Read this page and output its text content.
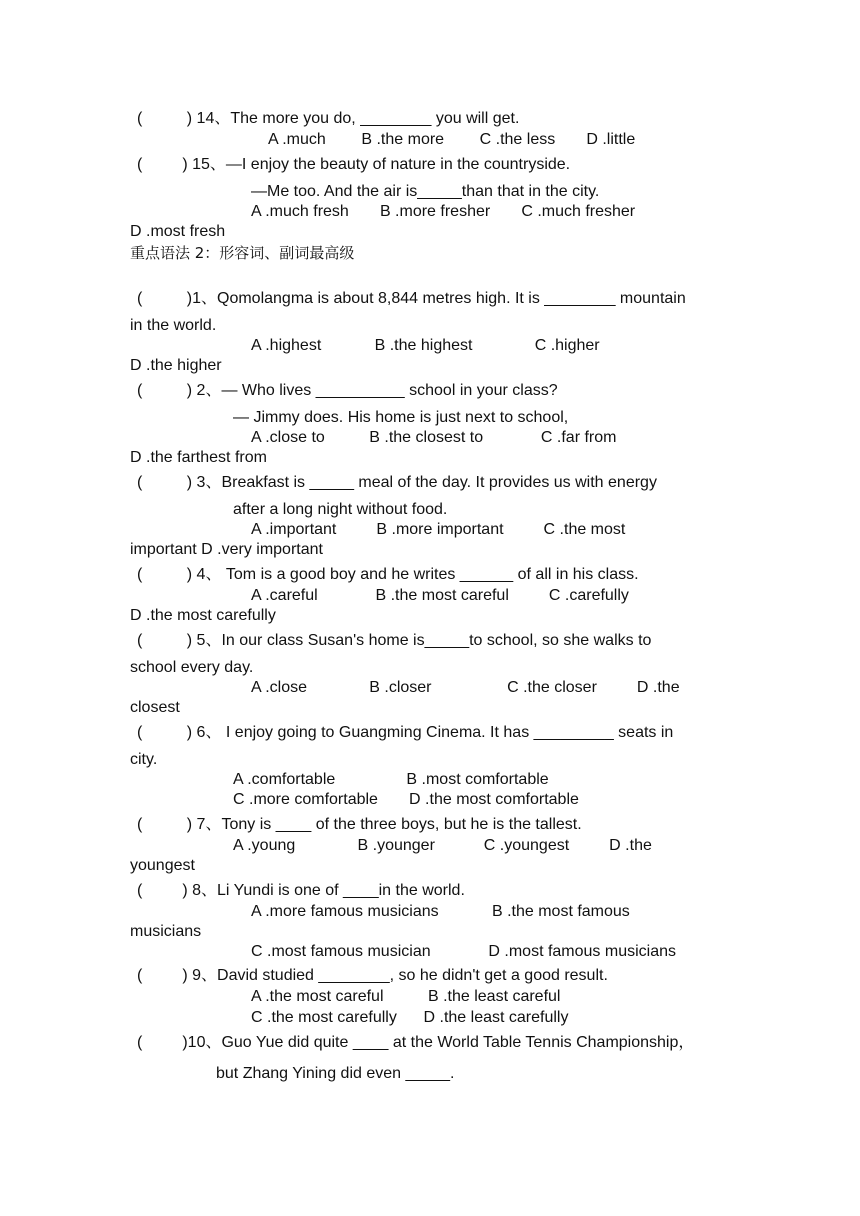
(          ) 14、The more you do, ________ you will get.
A .much        B .the more        C .the less       D .little
(         ) 15、—I enjoy the beauty of nature in the countryside.
—Me too. And the air is_____than that in the city.
A .much fresh       B .more fresher       C .much fresher
D .most fresh
重点语法 2：形容词、副词最高级
(          )1、Qomolangma is about 8,844 metres high. It is ________ mountain
in the world.
A .highest            B .the highest              C .higher
D .the higher
(          ) 2、— Who lives __________ school in your class?
— Jimmy does. His home is just next to school,
A .close to          B .the closest to             C .far from
D .the farthest from
(          ) 3、Breakfast is _____ meal of the day. It provides us with energy
after a long night without food.
A .important         B .more important         C .the most
important D .very important
(          ) 4、 Tom is a good boy and he writes ______ of all in his class.
A .careful             B .the most careful         C .carefully
D .the most carefully
(          ) 5、In our class Susan's home is_____to school, so she walks to
school every day.
A .close              B .closer                 C .the closer         D .the
closest
(          ) 6、 I enjoy going to Guangming Cinema. It has _________ seats in
city.
A .comfortable                B .most comfortable
C .more comfortable       D .the most comfortable
(          ) 7、Tony is ____ of the three boys, but he is the tallest.
A .young              B .younger           C .youngest         D .the
youngest
(         ) 8、Li Yundi is one of ____in the world.
A .more famous musicians            B .the most famous
musicians
C .most famous musician             D .most famous musicians
(         ) 9、David studied ________, so he didn't get a good result.
A .the most careful          B .the least careful
C .the most carefully      D .the least carefully
(         )10、Guo Yue did quite ____ at the World Table Tennis Championship，
but Zhang Yining did even _____.
